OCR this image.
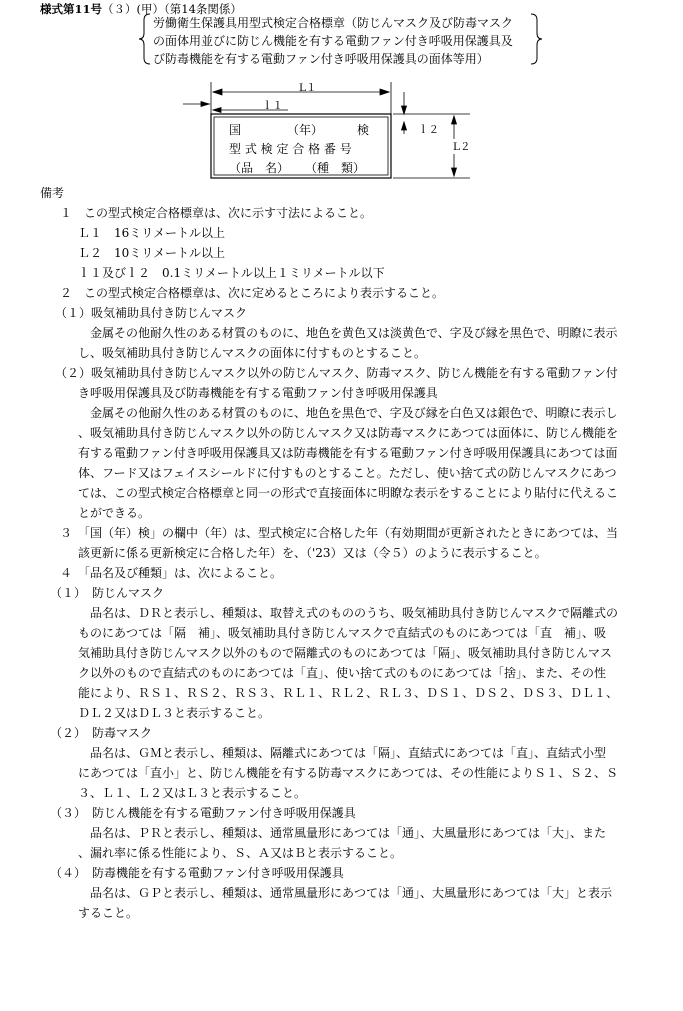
様式第11号（３）(甲）（第14条関係）
労働衛生保護具用型式検定合格標章（防じんマスク及び防毒マスク
の面体用並びに防じん機能を有する電動ファン付き呼吸用保護具及
び防毒機能を有する電動ファン付き呼吸用保護具の面体等用）
L１
ｌ１
ｌ２
L２
国	（年）	検
型 式 検 定 合 格 番 号
（品　名） （種　類）
備考
１　この型式検定合格標章は、次に示す寸法によること。
Ｌ１　16ミリメートル以上
Ｌ２　10ミリメートル以上
ｌ１及びｌ２　0.1ミリメートル以上１ミリメートル以下
２　この型式検定合格標章は、次に定めるところにより表示すること。
（１）吸気補助具付き防じんマスク
金属その他耐久性のある材質のものに、地色を黄色又は淡黄色で、字及び縁を黒色で、明瞭に表示
し、吸気補助具付き防じんマスクの面体に付すものとすること。
（２）吸気補助具付き防じんマスク以外の防じんマスク、防毒マスク、防じん機能を有する電動ファン付
き呼吸用保護具及び防毒機能を有する電動ファン付き呼吸用保護具
金属その他耐久性のある材質のものに、地色を黒色で、字及び縁を白色又は銀色で、明瞭に表示し
、吸気補助具付き防じんマスク以外の防じんマスク又は防毒マスクにあつては面体に、防じん機能を
有する電動ファン付き呼吸用保護具又は防毒機能を有する電動ファン付き呼吸用保護具にあつては面
体、フード又はフェイスシールドに付すものとすること。ただし、使い捨て式の防じんマスクにあつ
ては、この型式検定合格標章と同一の形式で直接面体に明瞭な表示をすることにより貼付に代えるこ
とができる。
３　「国（年）検」の欄中（年）は、型式検定に合格した年（有効期間が更新されたときにあつては、当
該更新に係る更新検定に合格した年）を、（'23）又は（令５）のように表示すること。
４　「品名及び種類」は、次によること。
（１）　防じんマスク
品名は、ＤＲと表示し、種類は、取替え式のもののうち、吸気補助具付き防じんマスクで隔離式の
ものにあつては「隔　補」、吸気補助具付き防じんマスクで直結式のものにあつては「直　補」、吸
気補助具付き防じんマスク以外のもので隔離式のものにあつては「隔」、吸気補助具付き防じんマス
ク以外のもので直結式のものにあつては「直」、使い捨て式のものにあつては「捨」、また、その性
能により、ＲＳ１、ＲＳ２、ＲＳ３、ＲＬ１、ＲＬ２、ＲＬ３、ＤＳ１、ＤＳ２、ＤＳ３、ＤＬ１、
ＤＬ２又はＤＬ３と表示すること。
（２）　防毒マスク
品名は、ＧＭと表示し、種類は、隔離式にあつては「隔」、直結式にあつては「直」、直結式小型
にあつては「直小」と、防じん機能を有する防毒マスクにあつては、その性能によりＳ１、Ｓ２、Ｓ
３、Ｌ１、Ｌ２又はＬ３と表示すること。
（３）　防じん機能を有する電動ファン付き呼吸用保護具
品名は、ＰＲと表示し、種類は、通常風量形にあつては「通」、大風量形にあつては「大」、また
、漏れ率に係る性能により、Ｓ、Ａ又はＢと表示すること。
（４）　防毒機能を有する電動ファン付き呼吸用保護具
品名は、ＧＰと表示し、種類は、通常風量形にあつては「通」、大風量形にあつては「大」と表示
すること。
